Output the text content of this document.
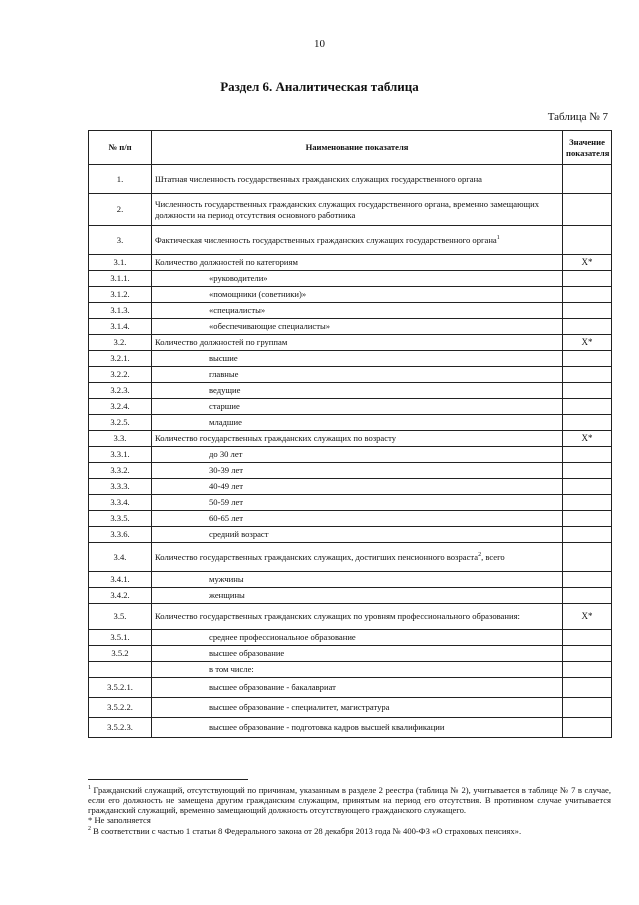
10
Раздел 6. Аналитическая таблица
Таблица № 7
№ п/п	Наименование показателя	Значение показателя
1.	Штатная численность государственных гражданских служащих государственного органа	
2.	Численность государственных гражданских служащих государственного органа, временно замещающих должности на период отсутствия основного работника	
3.	Фактическая численность государственных гражданских служащих государственного органа$^1$	
3.1.	Количество должностей по категориям	Х*
3.1.1.	«руководители»	
3.1.2.	«помощники (советники)»	
3.1.3.	«специалисты»	
3.1.4.	«обеспечивающие специалисты»	
3.2.	Количество должностей по группам	Х*
3.2.1.	высшие	
3.2.2.	главные	
3.2.3.	ведущие	
3.2.4.	старшие	
3.2.5.	младшие	
3.3.	Количество государственных гражданских служащих по возрасту	Х*
3.3.1.	до 30 лет	
3.3.2.	30-39 лет	
3.3.3.	40-49 лет	
3.3.4.	50-59 лет	
3.3.5.	60-65 лет	
3.3.6.	средний возраст	
3.4.	Количество государственных гражданских служащих, достигших пенсионного возраста$^2$, всего	
3.4.1.	мужчины	
3.4.2.	женщины	
3.5.	Количество государственных гражданских служащих по уровням профессионального образования:	Х*
3.5.1.	среднее профессиональное образование	
3.5.2	высшее образование	
	в том числе:	
3.5.2.1.	высшее образование - бакалавриат	
3.5.2.2.	высшее образование - специалитет, магистратура	
3.5.2.3.	высшее образование - подготовка кадров высшей квалификации	

$^1$ Гражданский служащий, отсутствующий по причинам, указанным в разделе 2 реестра (таблица № 2), учитывается в таблице № 7 в случае, если его должность не замещена другим гражданским служащим, принятым на период его отсутствия. В противном случае учитывается гражданский служащий, временно замещающий должность отсутствующего гражданского служащего.

* Не заполняется

$^2$ В соответствии с частью 1 статьи 8 Федерального закона от 28 декабря 2013 года № 400-ФЗ «О страховых пенсиях».
